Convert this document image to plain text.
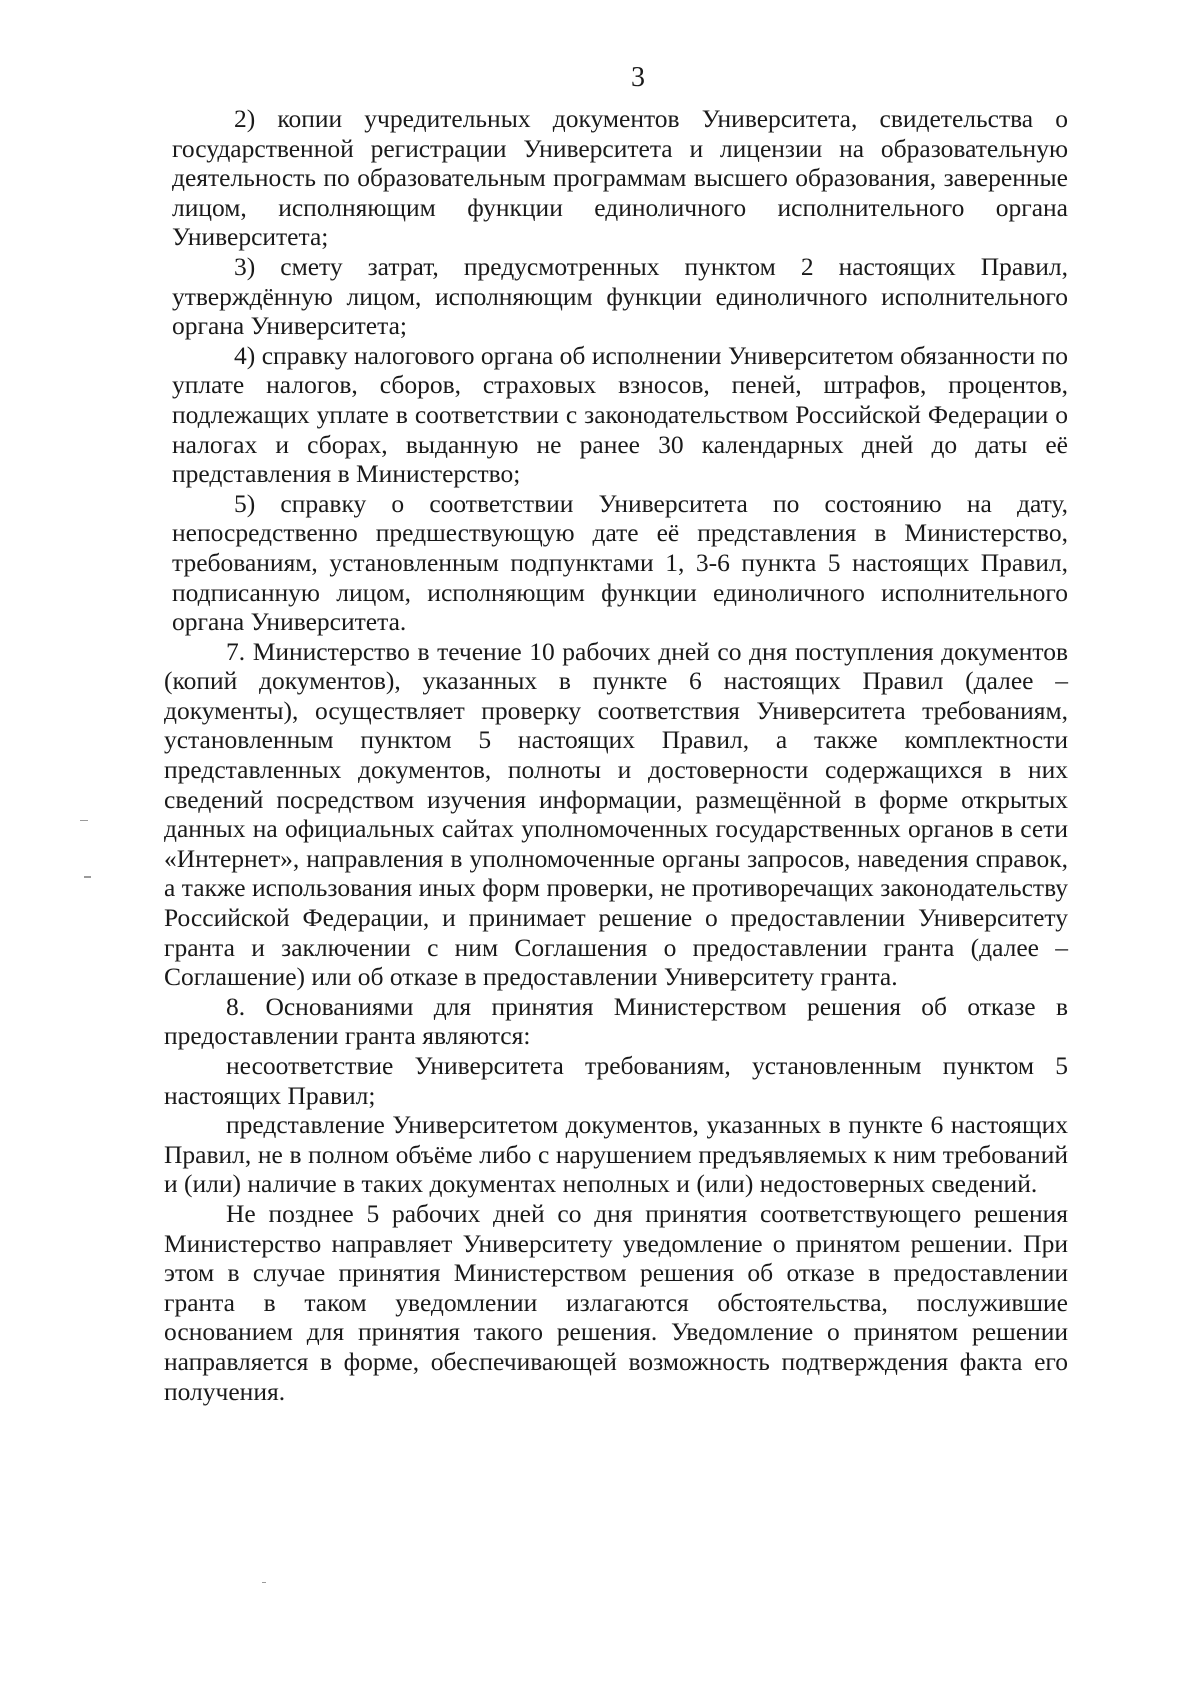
3

2) копии учредительных документов Университета, свидетельства о государственной регистрации Университета и лицензии на образовательную деятельность по образовательным программам высшего образования, заверенные лицом, исполняющим функции единоличного исполнительного органа Университета;

3) смету затрат, предусмотренных пунктом 2 настоящих Правил, утверждённую лицом, исполняющим функции единоличного исполнительного органа Университета;

4) справку налогового органа об исполнении Университетом обязанности по уплате налогов, сборов, страховых взносов, пеней, штрафов, процентов, подлежащих уплате в соответствии с законодательством Российской Федерации о налогах и сборах, выданную не ранее 30 календарных дней до даты её представления в Министерство;

5) справку о соответствии Университета по состоянию на дату, непосредственно предшествующую дате её представления в Министерство, требованиям, установленным подпунктами 1, 3-6 пункта 5 настоящих Правил, подписанную лицом, исполняющим функции единоличного исполнительного органа Университета.

7. Министерство в течение 10 рабочих дней со дня поступления документов (копий документов), указанных в пункте 6 настоящих Правил (далее – документы), осуществляет проверку соответствия Университета требованиям, установленным пунктом 5 настоящих Правил, а также комплектности представленных документов, полноты и достоверности содержащихся в них сведений посредством изучения информации, размещённой в форме открытых данных на официальных сайтах уполномоченных государственных органов в сети «Интернет», направления в уполномоченные органы запросов, наведения справок, а также использования иных форм проверки, не противоречащих законодательству Российской Федерации, и принимает решение о предоставлении Университету гранта и заключении с ним Соглашения о предоставлении гранта (далее – Соглашение) или об отказе в предоставлении Университету гранта.

8. Основаниями для принятия Министерством решения об отказе в предоставлении гранта являются:

несоответствие Университета требованиям, установленным пунктом 5 настоящих Правил;

представление Университетом документов, указанных в пункте 6 настоящих Правил, не в полном объёме либо с нарушением предъявляемых к ним требований и (или) наличие в таких документах неполных и (или) недостоверных сведений.

Не позднее 5 рабочих дней со дня принятия соответствующего решения Министерство направляет Университету уведомление о принятом решении. При этом в случае принятия Министерством решения об отказе в предоставлении гранта в таком уведомлении излагаются обстоятельства, послужившие основанием для принятия такого решения. Уведомление о принятом решении направляется в форме, обеспечивающей возможность подтверждения факта его получения.
